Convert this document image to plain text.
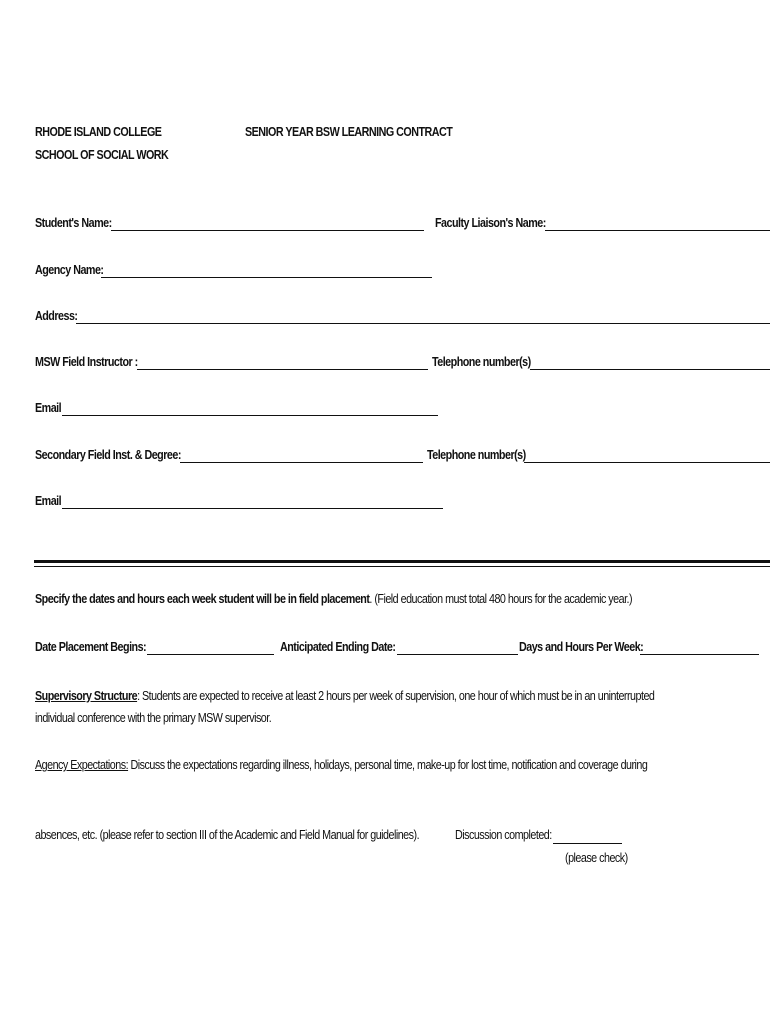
RHODE ISLAND COLLEGE
SCHOOL OF SOCIAL WORK
SENIOR YEAR BSW LEARNING CONTRACT
Student's Name:	Faculty Liaison's Name:
Agency Name:
Address:
MSW Field Instructor :	Telephone number(s)
Email
Secondary Field Inst. & Degree:	Telephone number(s)
Email
Specify the dates and hours each week student will be in field placement. (Field education must total 480 hours for the academic year.)
Date Placement Begins:	Anticipated Ending Date:	Days and Hours Per Week:
Supervisory Structure: Students are expected to receive at least 2 hours per week of supervision, one hour of which must be in an uninterrupted
individual conference with the primary MSW supervisor.
Agency Expectations: Discuss the expectations regarding illness, holidays, personal time, make-up for lost time, notification and coverage during
absences, etc. (please refer to section III of the Academic and Field Manual for guidelines).	Discussion completed:
(please check)
